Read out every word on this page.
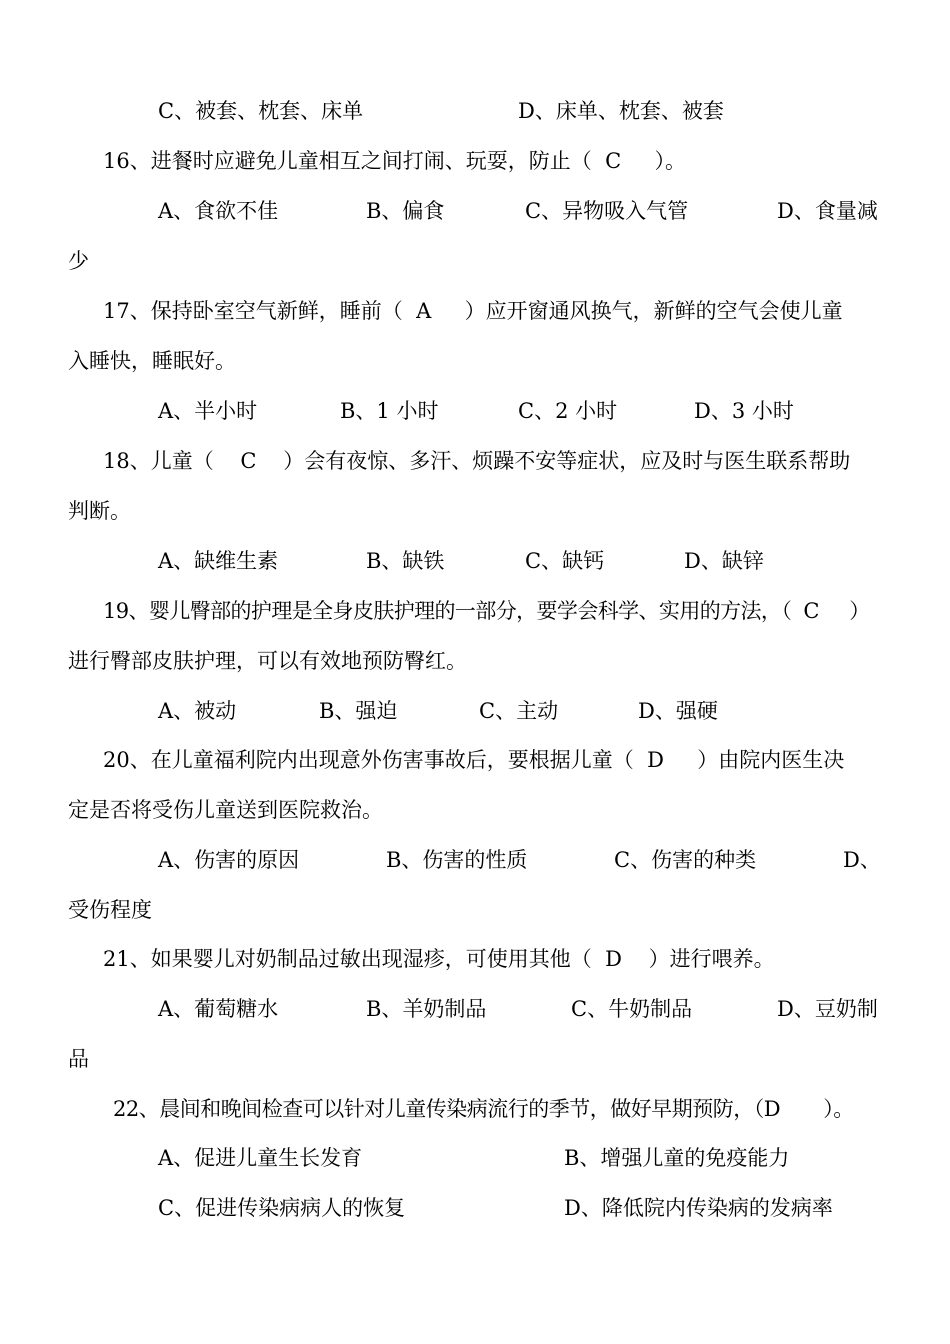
C、被套、枕套、床单	D、床单、枕套、被套
16、进餐时应避免儿童相互之间打闹、玩耍，防止（  C     ）。
A、食欲不佳	B、偏食	C、异物吸入气管	D、食量减
少
17、保持卧室空气新鲜，睡前（  A     ）应开窗通风换气，新鲜的空气会使儿童
入睡快，睡眠好。
A、半小时	B、1 小时	C、2 小时	D、3 小时
18、儿童（    C    ）会有夜惊、多汗、烦躁不安等症状，应及时与医生联系帮助
判断。
A、缺维生素	B、缺铁	C、缺钙	D、缺锌
19、婴儿臀部的护理是全身皮肤护理的一部分，要学会科学、实用的方法，（  C     ）
进行臀部皮肤护理，可以有效地预防臀红。
A、被动	B、强迫	C、主动	D、强硬
20、在儿童福利院内出现意外伤害事故后，要根据儿童（  D     ）由院内医生决
定是否将受伤儿童送到医院救治。
A、伤害的原因	B、伤害的性质	C、伤害的种类	D、
受伤程度
21、如果婴儿对奶制品过敏出现湿疹，可使用其他（  D    ）进行喂养。
A、葡萄糖水	B、羊奶制品	C、牛奶制品	D、豆奶制
品
22、晨间和晚间检查可以针对儿童传染病流行的季节，做好早期预防，（D       ）。
A、促进儿童生长发育	B、增强儿童的免疫能力
C、促进传染病病人的恢复	D、降低院内传染病的发病率
